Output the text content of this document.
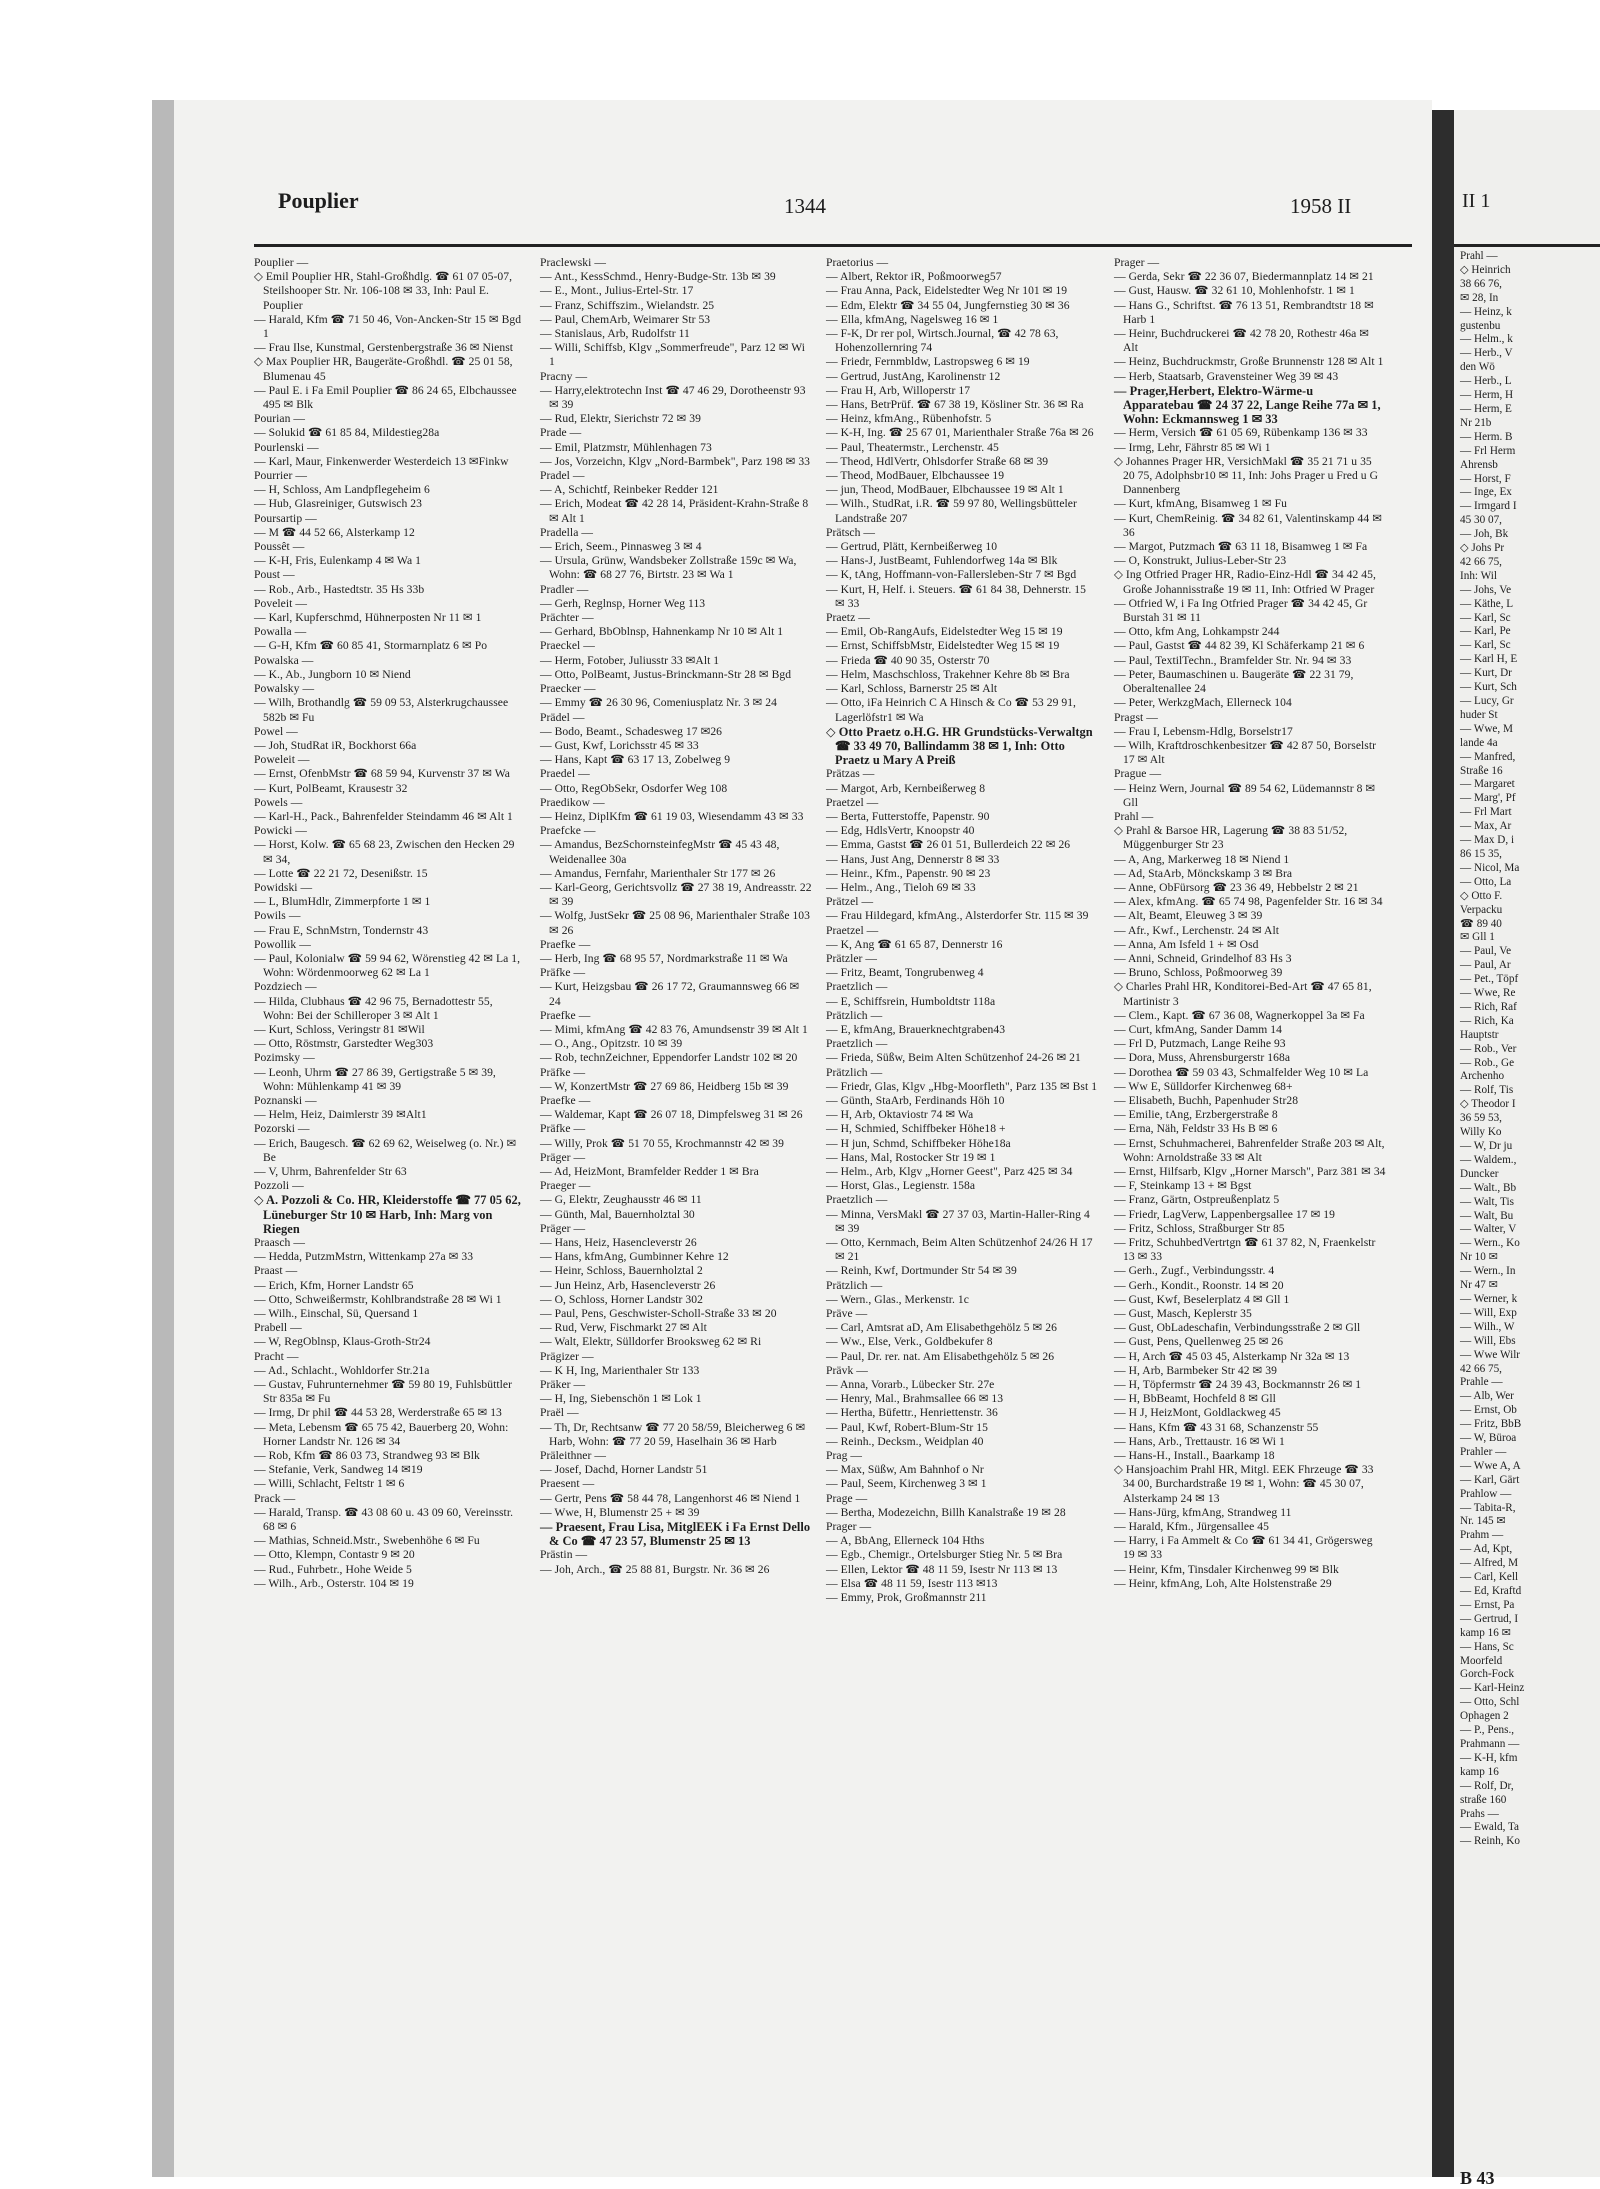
Pouplier	1344	1958 II

Pouplier —

◇ Emil Pouplier HR, Stahl-Großhdlg. ☎ 61 07 05-07, Steilshooper Str. Nr. 106-108 ✉ 33, Inh: Paul E. Pouplier

— Harald, Kfm ☎ 71 50 46, Von-Ancken-Str 15 ✉ Bgd 1

— Frau Ilse, Kunstmal, Gerstenbergstraße 36 ✉ Nienst

◇ Max Pouplier HR, Baugeräte-Großhdl. ☎ 25 01 58, Blumenau 45

— Paul E. i Fa Emil Pouplier ☎ 86 24 65, Elbchaussee 495 ✉ Blk

Pourian —

— Solukid ☎ 61 85 84, Mildestieg28a

Pourlenski —

— Karl, Maur, Finkenwerder Westerdeich 13 ✉Finkw

Pourrier —

— H, Schloss, Am Landpflegeheim 6

— Hub, Glasreiniger, Gutswisch 23

Poursartip —

— M ☎ 44 52 66, Alsterkamp 12

Poussêt —

— K-H, Fris, Eulenkamp 4 ✉ Wa 1

Poust —

— Rob., Arb., Hastedtstr. 35 Hs 33b

Poveleit —

— Karl, Kupferschmd, Hühnerposten Nr 11 ✉ 1

Powalla —

— G-H, Kfm ☎ 60 85 41, Stormarnplatz 6 ✉ Po

Powalska —

— K., Ab., Jungborn 10 ✉ Niend

Powalsky —

— Wilh, Brothandlg ☎ 59 09 53, Alsterkrugchaussee 582b ✉ Fu

Powel —

— Joh, StudRat iR, Bockhorst 66a

Poweleit —

— Ernst, OfenbMstr ☎ 68 59 94, Kurvenstr 37 ✉ Wa

— Kurt, PolBeamt, Krausestr 32

Powels —

— Karl-H., Pack., Bahrenfelder Steindamm 46 ✉ Alt 1

Powicki —

— Horst, Kolw. ☎ 65 68 23, Zwischen den Hecken 29 ✉ 34,

— Lotte ☎ 22 21 72, Desenißstr. 15

Powidski —

— L, BlumHdlr, Zimmerpforte 1 ✉ 1

Powils —

— Frau E, SchnMstrn, Tondernstr 43

Powollik —

— Paul, Kolonialw ☎ 59 94 62, Wörenstieg 42 ✉ La 1, Wohn: Wördenmoorweg 62 ✉ La 1

Pozdziech —

— Hilda, Clubhaus ☎ 42 96 75, Bernadottestr 55, Wohn: Bei der Schilleroper 3 ✉ Alt 1

— Kurt, Schloss, Veringstr 81 ✉Wil

— Otto, Röstmstr, Garstedter Weg303

Pozimsky —

— Leonh, Uhrm ☎ 27 86 39, Gertigstraße 5 ✉ 39, Wohn: Mühlenkamp 41 ✉ 39

Poznanski —

— Helm, Heiz, Daimlerstr 39 ✉Alt1

Pozorski —

— Erich, Baugesch. ☎ 62 69 62, Weiselweg (o. Nr.) ✉ Be

— V, Uhrm, Bahrenfelder Str 63

Pozzoli —

◇ A. Pozzoli & Co. HR, Kleiderstoffe ☎ 77 05 62, Lüneburger Str 10 ✉ Harb, Inh: Marg von Riegen

Praasch —

— Hedda, PutzmMstrn, Wittenkamp 27a ✉ 33

Praast —

— Erich, Kfm, Horner Landstr 65

— Otto, Schweißermstr, Kohlbrandstraße 28 ✉ Wi 1

— Wilh., Einschal, Sü, Quersand 1

Prabell —

— W, RegOblnsp, Klaus-Groth-Str24

Pracht —

— Ad., Schlacht., Wohldorfer Str.21a

— Gustav, Fuhrunternehmer ☎ 59 80 19, Fuhlsbüttler Str 835a ✉ Fu

— Irmg, Dr phil ☎ 44 53 28, Werderstraße 65 ✉ 13

— Meta, Lebensm ☎ 65 75 42, Bauerberg 20, Wohn: Horner Landstr Nr. 126 ✉ 34

— Rob, Kfm ☎ 86 03 73, Strandweg 93 ✉ Blk

— Stefanie, Verk, Sandweg 14 ✉19

— Willi, Schlacht, Feltstr 1 ✉ 6

Prack —

— Harald, Transp. ☎ 43 08 60 u. 43 09 60, Vereinsstr. 68 ✉ 6

— Mathias, Schneid.Mstr., Swebenhöhe 6 ✉ Fu

— Otto, Klempn, Contastr 9 ✉ 20

— Rud., Fuhrbetr., Hohe Weide 5

— Wilh., Arb., Osterstr. 104 ✉ 19

Praclewski —

— Ant., KessSchmd., Henry-Budge-Str. 13b ✉ 39

— E., Mont., Julius-Ertel-Str. 17

— Franz, Schiffszim., Wielandstr. 25

— Paul, ChemArb, Weimarer Str 53

— Stanislaus, Arb, Rudolfstr 11

— Willi, Schiffsb, Klgv „Sommerfreude", Parz 12 ✉ Wi 1

Pracny —

— Harry,elektrotechn Inst ☎ 47 46 29, Dorotheenstr 93 ✉ 39

— Rud, Elektr, Sierichstr 72 ✉ 39

Prade —

— Emil, Platzmstr, Mühlenhagen 73

— Jos, Vorzeichn, Klgv „Nord-Barmbek", Parz 198 ✉ 33

Pradel —

— A, Schichtf, Reinbeker Redder 121

— Erich, Modeat ☎ 42 28 14, Präsident-Krahn-Straße 8 ✉ Alt 1

Pradella —

— Erich, Seem., Pinnasweg 3 ✉ 4

— Ursula, Grünw, Wandsbeker Zollstraße 159c ✉ Wa, Wohn: ☎ 68 27 76, Birtstr. 23 ✉ Wa 1

Pradler —

— Gerh, Reglnsp, Horner Weg 113

Prächter —

— Gerhard, BbOblnsp, Hahnenkamp Nr 10 ✉ Alt 1

Praeckel —

— Herm, Fotober, Juliusstr 33 ✉Alt 1

— Otto, PolBeamt, Justus-Brinckmann-Str 28 ✉ Bgd

Praecker —

— Emmy ☎ 26 30 96, Comeniusplatz Nr. 3 ✉ 24

Prädel —

— Bodo, Beamt., Schadesweg 17 ✉26

— Gust, Kwf, Lorichsstr 45 ✉ 33

— Hans, Kapt ☎ 63 17 13, Zobelweg 9

Praedel —

— Otto, RegObSekr, Osdorfer Weg 108

Praedikow —

— Heinz, DiplKfm ☎ 61 19 03, Wiesendamm 43 ✉ 33

Praefcke —

— Amandus, BezSchornsteinfegMstr ☎ 45 43 48, Weidenallee 30a

— Amandus, Fernfahr, Marienthaler Str 177 ✉ 26

— Karl-Georg, Gerichtsvollz ☎ 27 38 19, Andreasstr. 22 ✉ 39

— Wolfg, JustSekr ☎ 25 08 96, Marienthaler Straße 103 ✉ 26

Praefke —

— Herb, Ing ☎ 68 95 57, Nordmarkstraße 11 ✉ Wa

Präfke —

— Kurt, Heizgsbau ☎ 26 17 72, Graumannsweg 66 ✉ 24

Praefke —

— Mimi, kfmAng ☎ 42 83 76, Amundsenstr 39 ✉ Alt 1

— O., Ang., Opitzstr. 10 ✉ 39

— Rob, technZeichner, Eppendorfer Landstr 102 ✉ 20

Präfke —

— W, KonzertMstr ☎ 27 69 86, Heidberg 15b ✉ 39

Praefke —

— Waldemar, Kapt ☎ 26 07 18, Dimpfelsweg 31 ✉ 26

Präfke —

— Willy, Prok ☎ 51 70 55, Krochmannstr 42 ✉ 39

Präger —

— Ad, HeizMont, Bramfelder Redder 1 ✉ Bra

Praeger —

— G, Elektr, Zeughausstr 46 ✉ 11

— Günth, Mal, Bauernholztal 30

Präger —

— Hans, Heiz, Hasencleverstr 26

— Hans, kfmAng, Gumbinner Kehre 12

— Heinr, Schloss, Bauernholztal 2

— Jun Heinz, Arb, Hasencleverstr 26

— O, Schloss, Horner Landstr 302

— Paul, Pens, Geschwister-Scholl-Straße 33 ✉ 20

— Rud, Verw, Fischmarkt 27 ✉ Alt

— Walt, Elektr, Sülldorfer Brooksweg 62 ✉ Ri

Prägizer —

— K H, Ing, Marienthaler Str 133

Präker —

— H, Ing, Siebenschön 1 ✉ Lok 1

Praël —

— Th, Dr, Rechtsanw ☎ 77 20 58/59, Bleicherweg 6 ✉ Harb, Wohn: ☎ 77 20 59, Haselhain 36 ✉ Harb

Präleithner —

— Josef, Dachd, Horner Landstr 51

Praesent —

— Gertr, Pens ☎ 58 44 78, Langenhorst 46 ✉ Niend 1

— Wwe, H, Blumenstr 25 + ✉ 39

— Praesent, Frau Lisa, MitglEEK i Fa Ernst Dello & Co ☎ 47 23 57, Blumenstr 25 ✉ 13

Prästin —

— Joh, Arch., ☎ 25 88 81, Burgstr. Nr. 36 ✉ 26

Praetorius —

— Albert, Rektor iR, Poßmoorweg57

— Frau Anna, Pack, Eidelstedter Weg Nr 101 ✉ 19

— Edm, Elektr ☎ 34 55 04, Jungfernstieg 30 ✉ 36

— Ella, kfmAng, Nagelsweg 16 ✉ 1

— F-K, Dr rer pol, Wirtsch.Journal, ☎ 42 78 63, Hohenzollernring 74

— Friedr, Fernmbldw, Lastropsweg 6 ✉ 19

— Gertrud, JustAng, Karolinenstr 12

— Frau H, Arb, Willoperstr 17

— Hans, BetrPrüf. ☎ 67 38 19, Kösliner Str. 36 ✉ Ra

— Heinz, kfmAng., Rübenhofstr. 5

— K-H, Ing. ☎ 25 67 01, Marienthaler Straße 76a ✉ 26

— Paul, Theatermstr., Lerchenstr. 45

— Theod, HdlVertr, Ohlsdorfer Straße 68 ✉ 39

— Theod, ModBauer, Elbchaussee 19

— jun, Theod, ModBauer, Elbchaussee 19 ✉ Alt 1

— Wilh., StudRat, i.R. ☎ 59 97 80, Wellingsbütteler Landstraße 207

Prätsch —

— Gertrud, Plätt, Kernbeißerweg 10

— Hans-J, JustBeamt, Fuhlendorfweg 14a ✉ Blk

— K, tAng, Hoffmann-von-Fallersleben-Str 7 ✉ Bgd

— Kurt, H, Helf. i. Steuers. ☎ 61 84 38, Dehnerstr. 15 ✉ 33

Praetz —

— Emil, Ob-RangAufs, Eidelstedter Weg 15 ✉ 19

— Ernst, SchiffsbMstr, Eidelstedter Weg 15 ✉ 19

— Frieda ☎ 40 90 35, Osterstr 70

— Helm, Maschschloss, Trakehner Kehre 8b ✉ Bra

— Karl, Schloss, Barnerstr 25 ✉ Alt

— Otto, iFa Heinrich C A Hinsch & Co ☎ 53 29 91, Lagerlöfstr1 ✉ Wa

◇ Otto Praetz o.H.G. HR Grundstücks-Verwaltgn ☎ 33 49 70, Ballindamm 38 ✉ 1, Inh: Otto Praetz u Mary A Preiß

Prätzas —

— Margot, Arb, Kernbeißerweg 8

Praetzel —

— Berta, Futterstoffe, Papenstr. 90

— Edg, HdlsVertr, Knoopstr 40

— Emma, Gastst ☎ 26 01 51, Bullerdeich 22 ✉ 26

— Hans, Just Ang, Dennerstr 8 ✉ 33

— Heinr., Kfm., Papenstr. 90 ✉ 23

— Helm., Ang., Tieloh 69 ✉ 33

Prätzel —

— Frau Hildegard, kfmAng., Alsterdorfer Str. 115 ✉ 39

Praetzel —

— K, Ang ☎ 61 65 87, Dennerstr 16

Prätzler —

— Fritz, Beamt, Tongrubenweg 4

Praetzlich —

— E, Schiffsrein, Humboldtstr 118a

Prätzlich —

— E, kfmAng, Brauerknechtgraben43

Praetzlich —

— Frieda, Süßw, Beim Alten Schützenhof 24-26 ✉ 21

Prätzlich —

— Friedr, Glas, Klgv „Hbg-Moorfleth", Parz 135 ✉ Bst 1

— Günth, StaArb, Ferdinands Höh 10

— H, Arb, Oktaviostr 74 ✉ Wa

— H, Schmied, Schiffbeker Höhe18 +

— H jun, Schmd, Schiffbeker Höhe18a

— Hans, Mal, Rostocker Str 19 ✉ 1

— Helm., Arb, Klgv „Horner Geest", Parz 425 ✉ 34

— Horst, Glas., Legienstr. 158a

Praetzlich —

— Minna, VersMakl ☎ 27 37 03, Martin-Haller-Ring 4 ✉ 39

— Otto, Kernmach, Beim Alten Schützenhof 24/26 H 17 ✉ 21

— Reinh, Kwf, Dortmunder Str 54 ✉ 39

Prätzlich —

— Wern., Glas., Merkenstr. 1c

Präve —

— Carl, Amtsrat aD, Am Elisabethgehölz 5 ✉ 26

— Ww., Else, Verk., Goldbekufer 8

— Paul, Dr. rer. nat. Am Elisabethgehölz 5 ✉ 26

Prävk —

— Anna, Vorarb., Lübecker Str. 27e

— Henry, Mal., Brahmsallee 66 ✉ 13

— Hertha, Büfettr., Henriettenstr. 36

— Paul, Kwf, Robert-Blum-Str 15

— Reinh., Decksm., Weidplan 40

Prag —

— Max, Süßw, Am Bahnhof o Nr

— Paul, Seem, Kirchenweg 3 ✉ 1

Prage —

— Bertha, Modezeichn, Billh Kanalstraße 19 ✉ 28

Prager —

— A, BbAng, Ellerneck 104 Hths

— Egb., Chemigr., Ortelsburger Stieg Nr. 5 ✉ Bra

— Ellen, Lektor ☎ 48 11 59, Isestr Nr 113 ✉ 13

— Elsa ☎ 48 11 59, Isestr 113 ✉13

— Emmy, Prok, Großmannstr 211

Prager —

— Gerda, Sekr ☎ 22 36 07, Biedermannplatz 14 ✉ 21

— Gust, Hausw. ☎ 32 61 10, Mohlenhofstr. 1 ✉ 1

— Hans G., Schriftst. ☎ 76 13 51, Rembrandtstr 18 ✉ Harb 1

— Heinr, Buchdruckerei ☎ 42 78 20, Rothestr 46a ✉ Alt

— Heinz, Buchdruckmstr, Große Brunnenstr 128 ✉ Alt 1

— Herb, Staatsarb, Gravensteiner Weg 39 ✉ 43

— Prager,Herbert, Elektro-Wärme-u Apparatebau ☎ 24 37 22, Lange Reihe 77a ✉ 1, Wohn: Eckmannsweg 1 ✉ 33

— Herm, Versich ☎ 61 05 69, Rübenkamp 136 ✉ 33

— Irmg, Lehr, Fährstr 85 ✉ Wi 1

◇ Johannes Prager HR, VersichMakl ☎ 35 21 71 u 35 20 75, Adolphsbr10 ✉ 11, Inh: Johs Prager u Fred u G Dannenberg

— Kurt, kfmAng, Bisamweg 1 ✉ Fu

— Kurt, ChemReinig. ☎ 34 82 61, Valentinskamp 44 ✉ 36

— Margot, Putzmach ☎ 63 11 18, Bisamweg 1 ✉ Fa

— O, Konstrukt, Julius-Leber-Str 23

◇ Ing Otfried Prager HR, Radio-Einz-Hdl ☎ 34 42 45, Große Johannisstraße 19 ✉ 11, Inh: Otfried W Prager

— Otfried W, i Fa Ing Otfried Prager ☎ 34 42 45, Gr Burstah 31 ✉ 11

— Otto, kfm Ang, Lohkampstr 244

— Paul, Gastst ☎ 44 82 39, Kl Schäferkamp 21 ✉ 6

— Paul, TextilTechn., Bramfelder Str. Nr. 94 ✉ 33

— Peter, Baumaschinen u. Baugeräte ☎ 22 31 79, Oberaltenallee 24

— Peter, WerkzgMach, Ellerneck 104

Pragst —

— Frau I, Lebensm-Hdlg, Borselstr17

— Wilh, Kraftdroschkenbesitzer ☎ 42 87 50, Borselstr 17 ✉ Alt

Prague —

— Heinz Wern, Journal ☎ 89 54 62, Lüdemannstr 8 ✉ Gll

Prahl —

◇ Prahl & Barsoe HR, Lagerung ☎ 38 83 51/52, Müggenburger Str 23

— A, Ang, Markerweg 18 ✉ Niend 1

— Ad, StaArb, Mönckskamp 3 ✉ Bra

— Anne, ObFürsorg ☎ 23 36 49, Hebbelstr 2 ✉ 21

— Alex, kfmAng. ☎ 65 74 98, Pagenfelder Str. 16 ✉ 34

— Alt, Beamt, Eleuweg 3 ✉ 39

— Afr., Kwf., Lerchenstr. 24 ✉ Alt

— Anna, Am Isfeld 1 + ✉ Osd

— Anni, Schneid, Grindelhof 83 Hs 3

— Bruno, Schloss, Poßmoorweg 39

◇ Charles Prahl HR, Konditorei-Bed-Art ☎ 47 65 81, Martinistr 3

— Clem., Kapt. ☎ 67 36 08, Wagnerkoppel 3a ✉ Fa

— Curt, kfmAng, Sander Damm 14

— Frl D, Putzmach, Lange Reihe 93

— Dora, Muss, Ahrensburgerstr 168a

— Dorothea ☎ 59 03 43, Schmalfelder Weg 10 ✉ La

— Ww E, Sülldorfer Kirchenweg 68+

— Elisabeth, Buchh, Papenhuder Str28

— Emilie, tAng, Erzbergerstraße 8

— Erna, Näh, Feldstr 33 Hs B ✉ 6

— Ernst, Schuhmacherei, Bahrenfelder Straße 203 ✉ Alt, Wohn: Arnoldstraße 33 ✉ Alt

— Ernst, Hilfsarb, Klgv „Horner Marsch", Parz 381 ✉ 34

— F, Steinkamp 13 + ✉ Bgst

— Franz, Gärtn, Ostpreußenplatz 5

— Friedr, LagVerw, Lappenbergsallee 17 ✉ 19

— Fritz, Schloss, Straßburger Str 85

— Fritz, SchuhbedVertrtgn ☎ 61 37 82, N, Fraenkelstr 13 ✉ 33

— Gerh., Zugf., Verbindungsstr. 4

— Gerh., Kondit., Roonstr. 14 ✉ 20

— Gust, Kwf, Beselerplatz 4 ✉ Gll 1

— Gust, Masch, Keplerstr 35

— Gust, ObLadeschafin, Verbindungsstraße 2 ✉ Gll

— Gust, Pens, Quellenweg 25 ✉ 26

— H, Arch ☎ 45 03 45, Alsterkamp Nr 32a ✉ 13

— H, Arb, Barmbeker Str 42 ✉ 39

— H, Töpfermstr ☎ 24 39 43, Bockmannstr 26 ✉ 1

— H, BbBeamt, Hochfeld 8 ✉ Gll

— H J, HeizMont, Goldlackweg 45

— Hans, Kfm ☎ 43 31 68, Schanzenstr 55

— Hans, Arb., Trettaustr. 16 ✉ Wi 1

— Hans-H., Install., Baarkamp 18

◇ Hansjoachim Prahl HR, Mitgl. EEK Fhrzeuge ☎ 33 34 00, Burchardstraße 19 ✉ 1, Wohn: ☎ 45 30 07, Alsterkamp 24 ✉ 13

— Hans-Jürg, kfmAng, Strandweg 11

— Harald, Kfm., Jürgensallee 45

— Harry, i Fa Ammelt & Co ☎ 61 34 41, Grögersweg 19 ✉ 33

— Heinr, Kfm, Tinsdaler Kirchenweg 99 ✉ Blk

— Heinr, kfmAng, Loh, Alte Holstenstraße 29

II 1
Prahl —
◇ Heinrich
38 66 76,
✉ 28, In
— Heinz, k
gustenbu
— Helm., k
— Herb., V
den Wö
— Herb., L
— Herm, H
— Herm, E
Nr 21b
— Herm. B
— Frl Herm
Ahrensb
— Horst, F
— Inge, Ex
— Irmgard I
45 30 07,
— Joh, Bk
◇ Johs Pr
42 66 75,
Inh: Wil
— Johs, Ve
— Käthe, L
— Karl, Sc
— Karl, Pe
— Karl, Sc
— Karl H, E
— Kurt, Dr
— Kurt, Sch
— Lucy, Gr
huder St
— Wwe, M
lande 4a
— Manfred,
Straße 16
— Margaret
— Marg', Pf
— Frl Mart
— Max, Ar
— Max D, i
86 15 35,
— Nicol, Ma
— Otto, La
◇ Otto F.
Verpacku
☎ 89 40
✉ Gll 1
— Paul, Ve
— Paul, Ar
— Pet., Töpf
— Wwe, Re
— Rich, Raf
— Rich, Ka
Hauptstr
— Rob., Ver
— Rob., Ge
Archenho
— Rolf, Tis
◇ Theodor I
36 59 53,
Willy Ko
— W, Dr ju
— Waldem.,
Duncker
— Walt., Bb
— Walt, Tis
— Walt, Bu
— Walter, V
— Wern., Ko
Nr 10 ✉
— Wern., In
Nr 47 ✉
— Werner, k
— Will, Exp
— Wilh., W
— Will, Ebs
— Wwe Wilr
42 66 75,
Prahle —
— Alb, Wer
— Ernst, Ob
— Fritz, BbB
— W, Büroa
Prahler —
— Wwe A, A
— Karl, Gärt
Prahlow —
— Tabita-R,
Nr. 145 ✉
Prahm —
— Ad, Kpt,
— Alfred, M
— Carl, Kell
— Ed, Kraftd
— Ernst, Pa
— Gertrud, I
kamp 16 ✉
— Hans, Sc
Moorfeld
Gorch-Fock
— Karl-Heinz
— Otto, Schl
Ophagen 2
— P., Pens.,
Prahmann —
— K-H, kfm
kamp 16
— Rolf, Dr,
straße 160
Prahs —
— Ewald, Ta
— Reinh, Ko
B 43
